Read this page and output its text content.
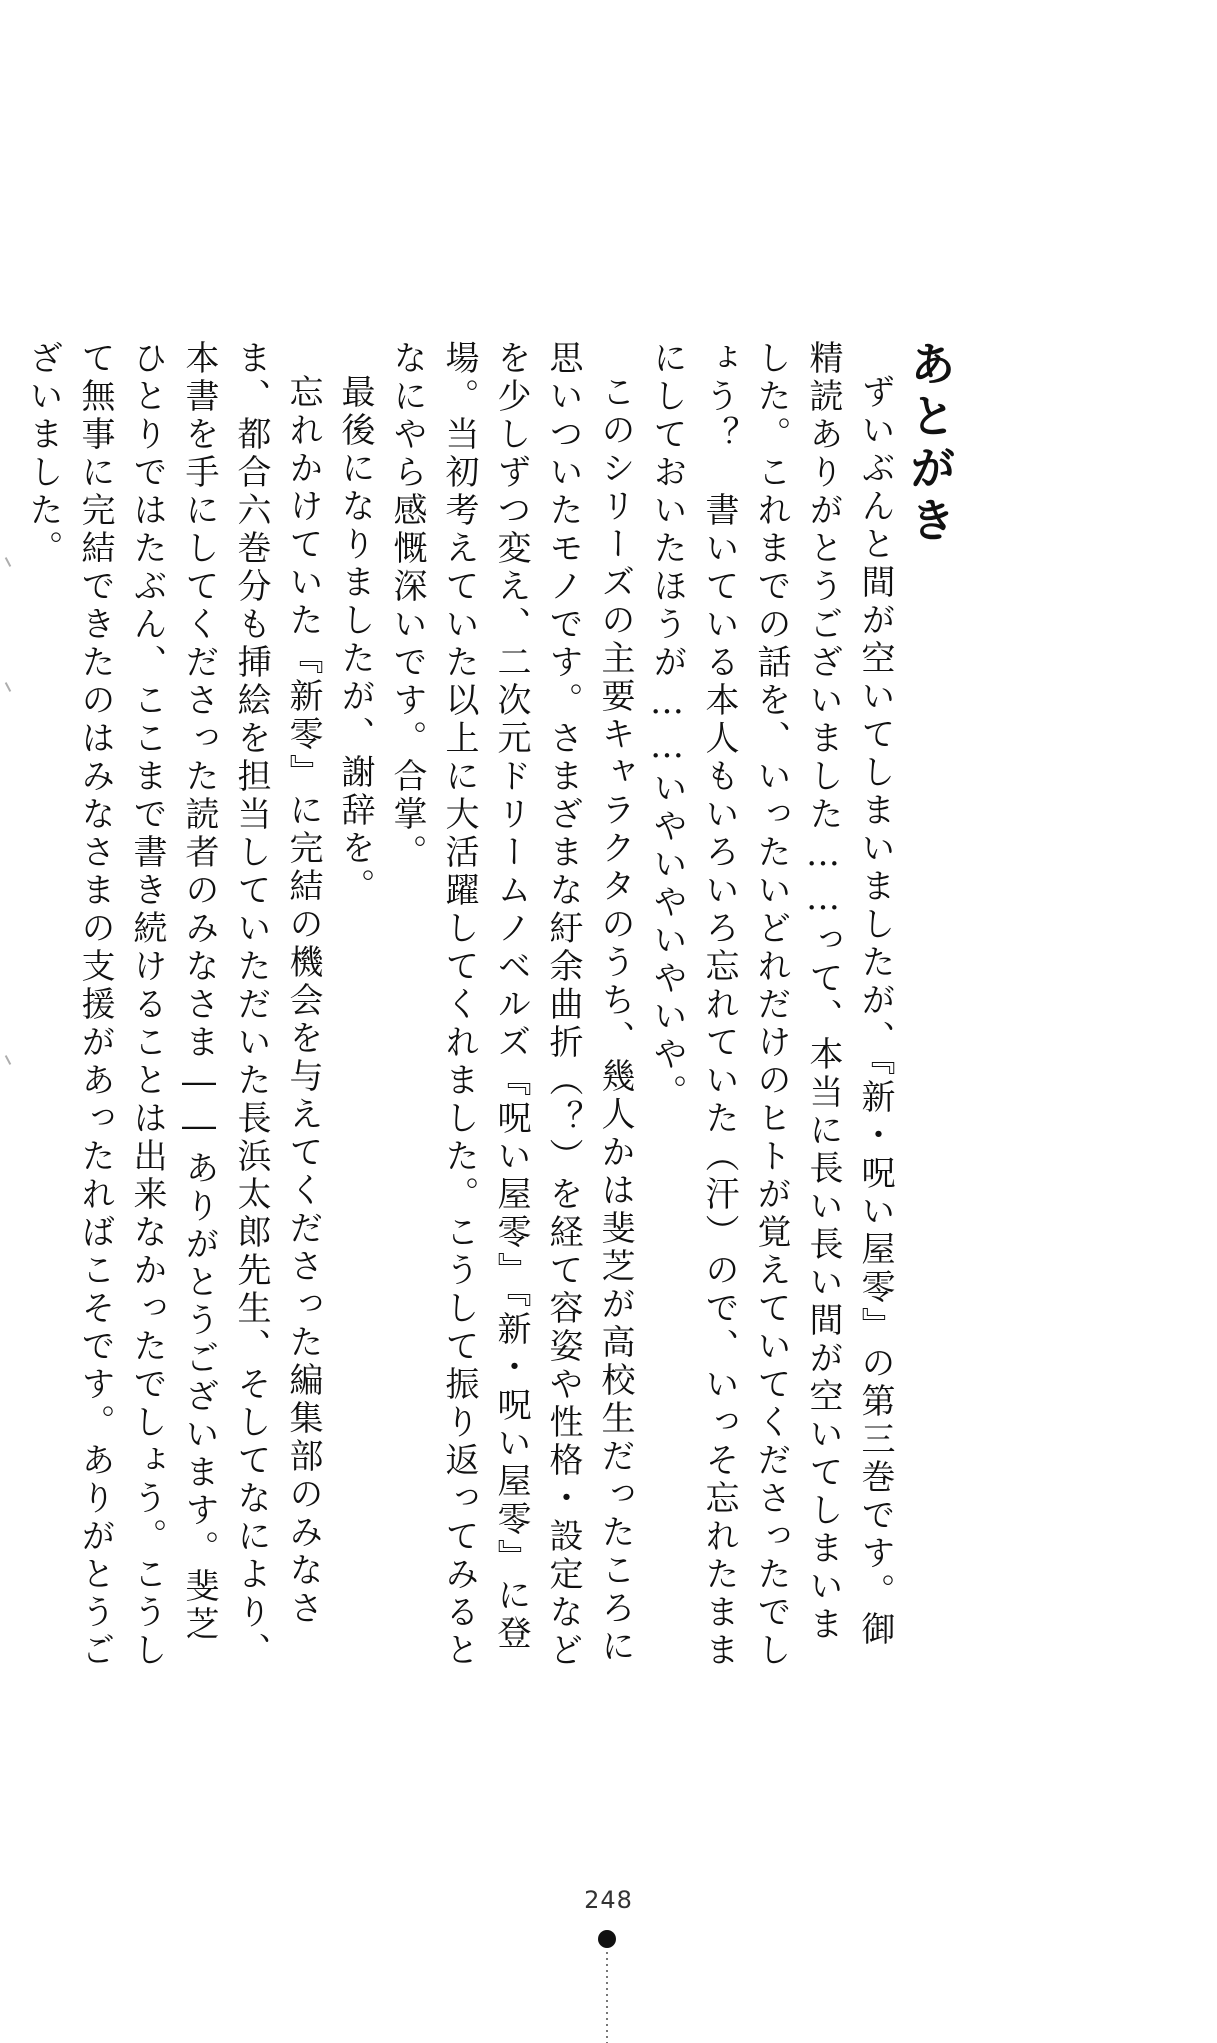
あとがき
ずいぶんと間が空いてしまいましたが、『新・呪い屋零』の第三巻です。御精読ありがとうございました……って、本当に長い長い間が空いてしまいました。これまでの話を、いったいどれだけのヒトが覚えていてくださったでしょう？　書いている本人もいろいろ忘れていた（汗）ので、いっそ忘れたままにしておいたほうが……いやいやいやいや。
このシリーズの主要キャラクタのうち、幾人かは斐芝が高校生だったころに思いついたモノです。さまざまな紆余曲折（？）を経て容姿や性格・設定などを少しずつ変え、二次元ドリームノベルズ『呪い屋零』『新・呪い屋零』に登場。当初考えていた以上に大活躍してくれました。こうして振り返ってみるとなにやら感慨深いです。合掌。
最後になりましたが、謝辞を。
忘れかけていた『新零』に完結の機会を与えてくださった編集部のみなさま、都合六巻分も挿絵を担当していただいた長浜太郎先生、そしてなにより、本書を手にしてくださった読者のみなさま――ありがとうございます。斐芝ひとりではたぶん、ここまで書き続けることは出来なかったでしょう。こうして無事に完結できたのはみなさまの支援があったればこそです。ありがとうございました。
248
